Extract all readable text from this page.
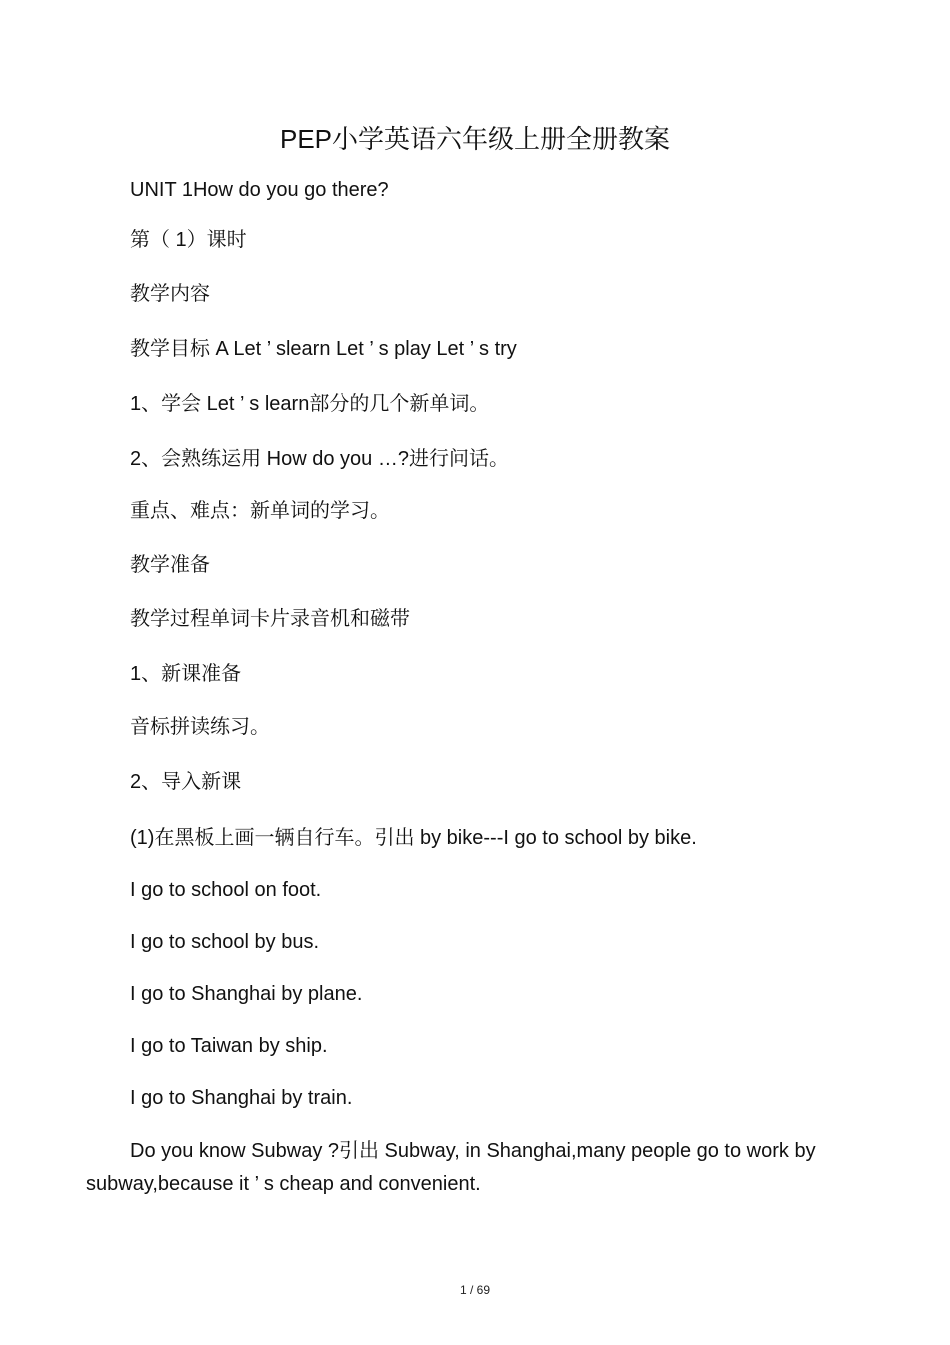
PEP小学英语六年级上册全册教案
UNIT 1How do you go there?
第（ 1）课时
教学内容
教学目标 A Let ’ slearn Let ’ s play Let ’ s try
1、学会 Let ’ s learn部分的几个新单词。
2、会熟练运用 How do you …?进行问话。
重点、难点：新单词的学习。
教学准备
教学过程单词卡片录音机和磁带
1、新课准备
音标拼读练习。
2、导入新课
(1)在黑板上画一辆自行车。引出 by bike---I go to school by bike.
I go to school on foot.
I go to school by bus.
I go to Shanghai by plane.
I go to Taiwan by ship.
I go to Shanghai by train.
Do you know Subway ?引出 Subway, in Shanghai,many people go to work by subway,because it ’ s cheap and convenient.
1 / 69
